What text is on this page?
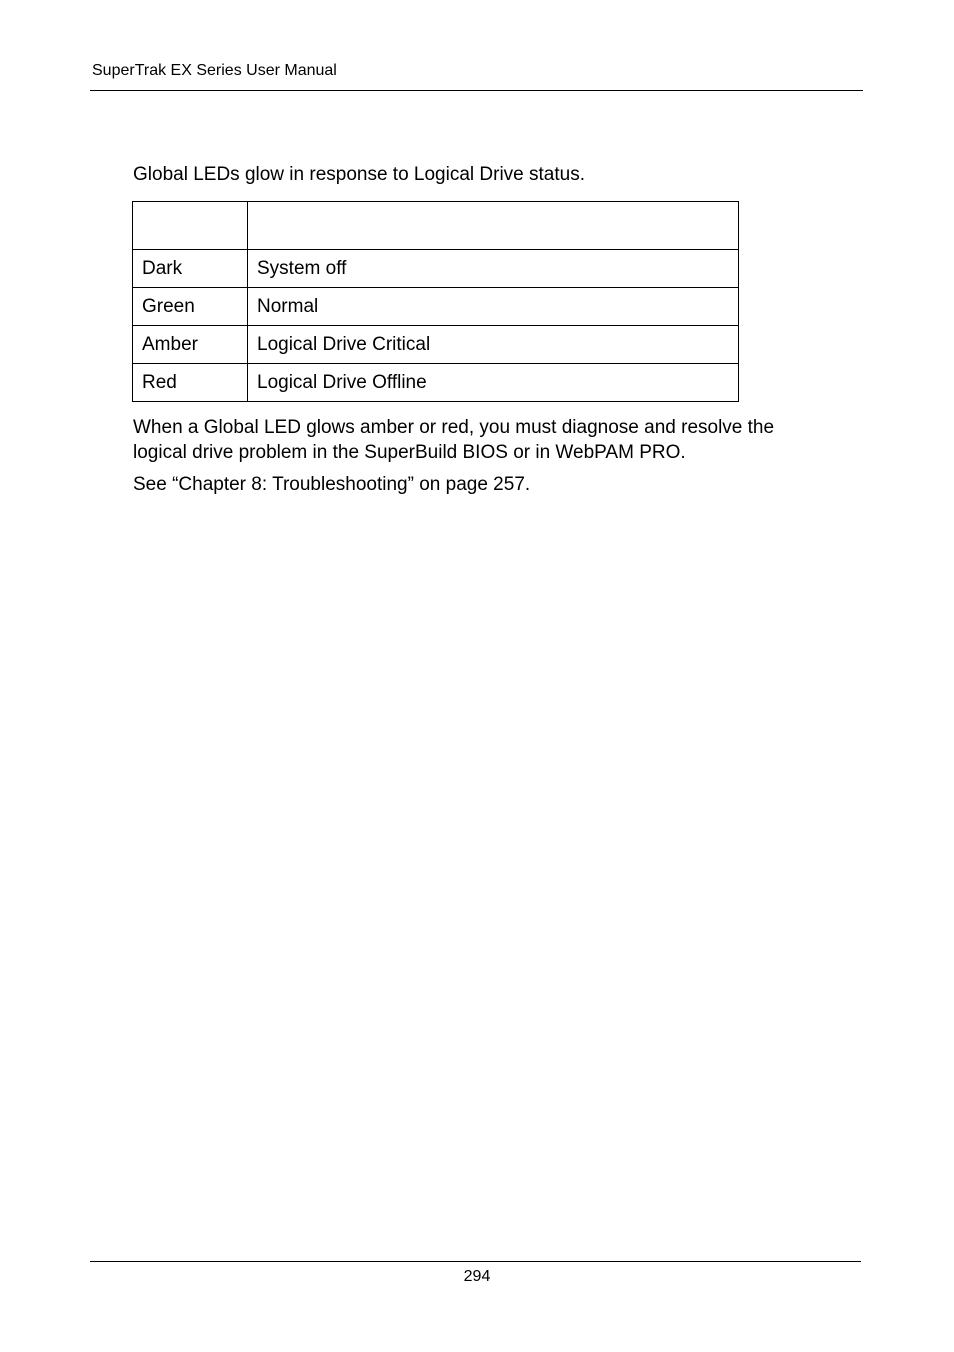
SuperTrak EX Series User Manual

Global LEDs glow in response to Logical Drive status.

Dark	System off
Green	Normal
Amber	Logical Drive Critical
Red	Logical Drive Offline

When a Global LED glows amber or red, you must diagnose and resolve the logical drive problem in the SuperBuild BIOS or in WebPAM PRO.

See “Chapter 8: Troubleshooting” on page 257.

294
